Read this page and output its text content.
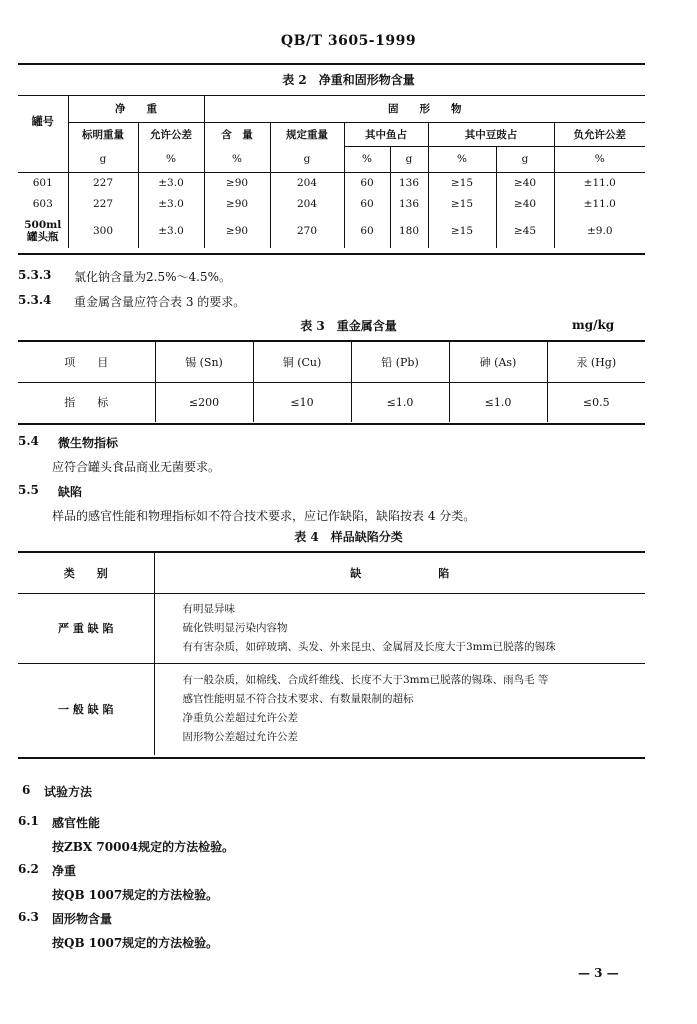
QB/T 3605-1999
表 2　净重和固形物含量
罐号	净　　重		固　　形　　物						
	标明重量	允许公差	含　量	规定重量	其中鱼占		其中豆豉占		负允许公差
	g	%	%	g	%	g	%	g	%
601	227	±3.0	≥90	204	60	136	≥15	≥40	±11.0
603	227	±3.0	≥90	204	60	136	≥15	≥40	±11.0
500ml
罐头瓶	300	±3.0	≥90	270	60	180	≥15	≥45	±9.0
5.3.3 氯化钠含量为2.5%～4.5%。
5.3.4 重金属含量应符合表 3 的要求。
表 3　重金属含量	mg/kg
项　　目	锡 (Sn)	铜 (Cu)	铅 (Pb)	砷 (As)	汞 (Hg)
指　　标	≤200	≤10	≤1.0	≤1.0	≤0.5
5.4 微生物指标
应符合罐头食品商业无菌要求。
5.5 缺陷
样品的感官性能和物理指标如不符合技术要求，应记作缺陷，缺陷按表 4 分类。
表 4　样品缺陷分类
类　　别	缺　　　　　　　陷
严 重 缺 陷	有明显异味
硫化铁明显污染内容物
有有害杂质，如碎玻璃、头发、外来昆虫、金属屑及长度大于3mm已脱落的锡珠

一 般 缺 陷	有一般杂质，如棉线、合成纤维线、长度不大于3mm已脱落的锡珠、雨鸟毛 等
感官性能明显不符合技术要求、有数量限制的超标
净重负公差超过允许公差
固形物公差超过允许公差
6 试验方法
6.1 感官性能
按ZBX 70004规定的方法检验。
6.2 净重
按QB 1007规定的方法检验。
6.3 固形物含量
按QB 1007规定的方法检验。
— 3 —
